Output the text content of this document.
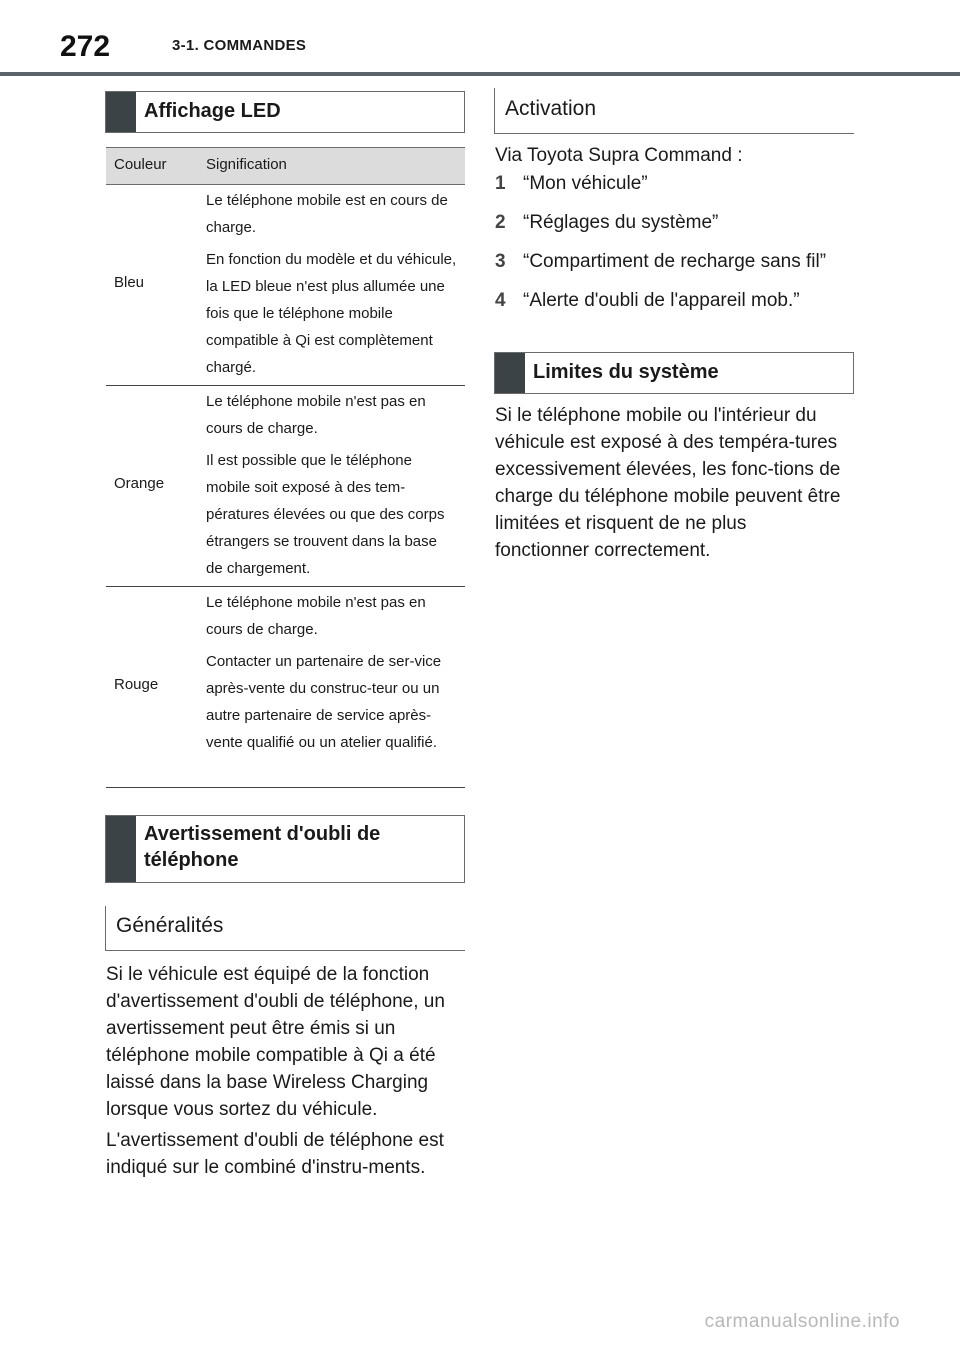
272	3-1. COMMANDES
Affichage LED
Couleur	Signification
Bleu

Le téléphone mobile est en cours de charge.

En fonction du modèle et du véhicule, la LED bleue n'est plus allumée une fois que le téléphone mobile compatible à Qi est complètement chargé.

Orange

Le téléphone mobile n'est pas en cours de charge.

Il est possible que le téléphone mobile soit exposé à des tem-pératures élevées ou que des corps étrangers se trouvent dans la base de chargement.

Rouge

Le téléphone mobile n'est pas en cours de charge.

Contacter un partenaire de ser-vice après-vente du construc-teur ou un autre partenaire de service après-vente qualifié ou un atelier qualifié.

Avertissement d'oubli de téléphone
Généralités

Si le véhicule est équipé de la fonction d'avertissement d'oubli de téléphone, un avertissement peut être émis si un téléphone mobile compatible à Qi a été laissé dans la base Wireless Charging lorsque vous sortez du véhicule.

L'avertissement d'oubli de téléphone est indiqué sur le combiné d'instru-ments.

Activation

Via Toyota Supra Command :

1 “Mon véhicule”
2 “Réglages du système”
3 “Compartiment de recharge sans fil”
4 “Alerte d'oubli de l'appareil mob.”
Limites du système

Si le téléphone mobile ou l'intérieur du véhicule est exposé à des tempéra-tures excessivement élevées, les fonc-tions de charge du téléphone mobile peuvent être limitées et risquent de ne plus fonctionner correctement.

carmanualsonline.info
